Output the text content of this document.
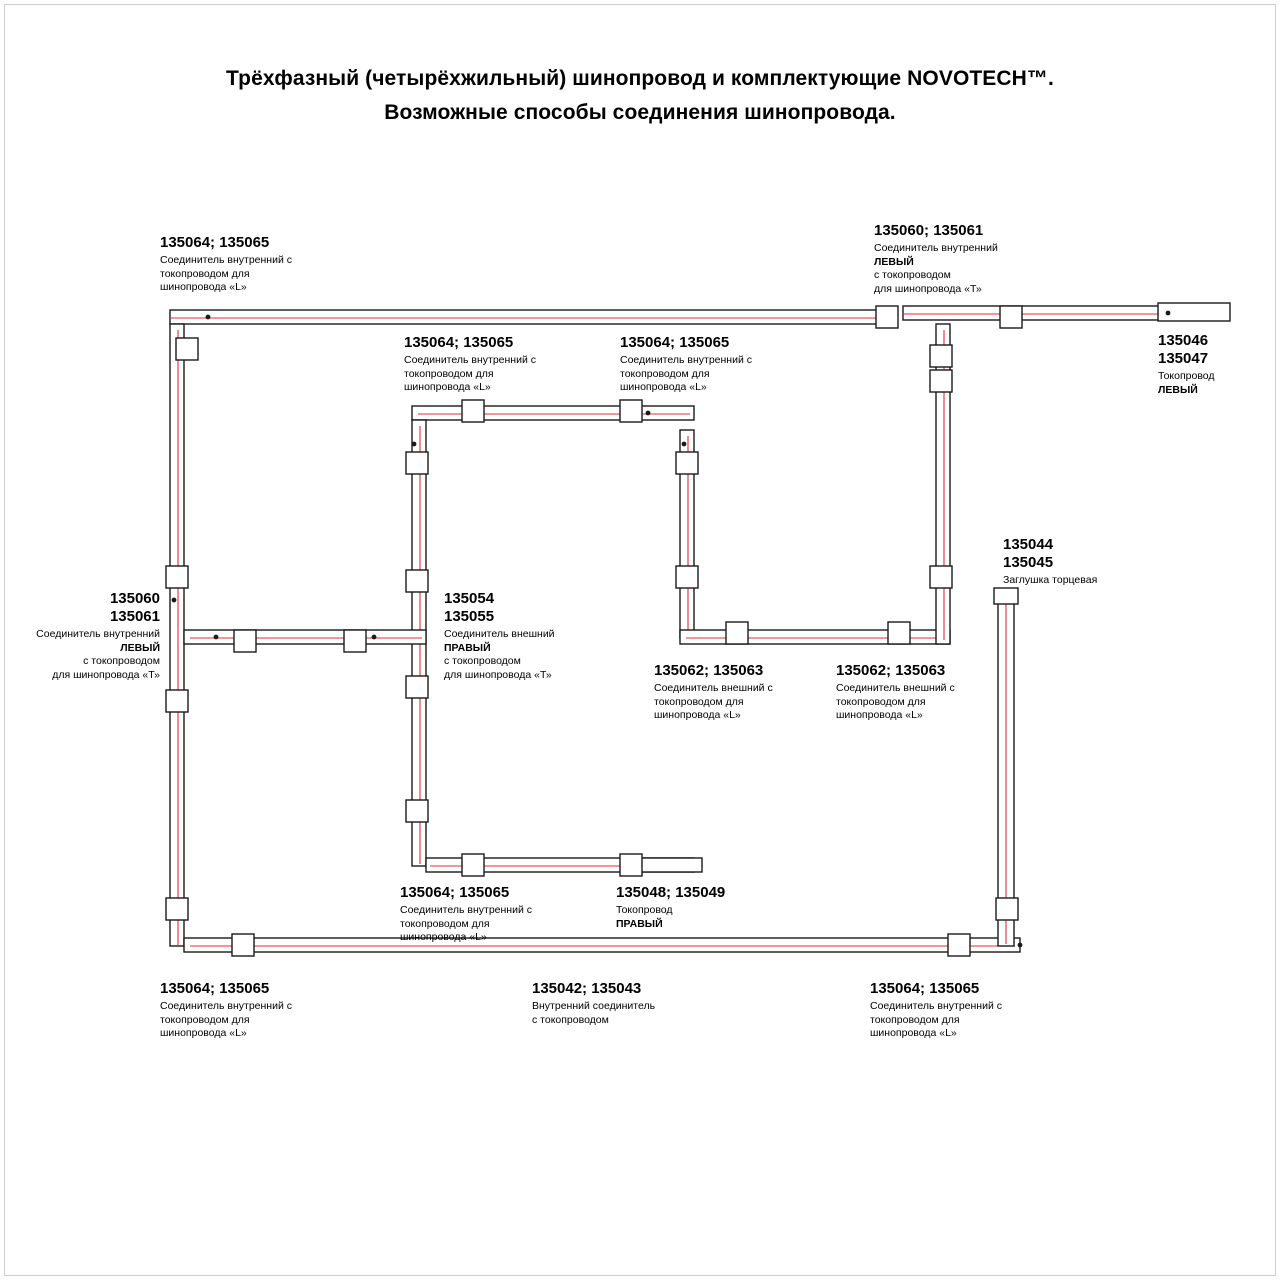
Трёхфазный (четырёхжильный) шинопровод и комплектующие NOVOTECH™.
Возможные способы соединения шинопровода.
135064; 135065
Соединитель внутренний с
токопроводом для
шинопровода «L»
135060; 135061
Соединитель внутренний
ЛЕВЫЙ
с токопроводом
для шинопровода «Т»
135046
135047
Токопровод
ЛЕВЫЙ
135064; 135065
Соединитель внутренний с
токопроводом для
шинопровода «L»
135064; 135065
Соединитель внутренний с
токопроводом для
шинопровода «L»
135044
135045
Заглушка торцевая
135060
135061
Соединитель внутренний
ЛЕВЫЙ
с токопроводом
для шинопровода «Т»
135054
135055
Соединитель внешний
ПРАВЫЙ
с токопроводом
для шинопровода «Т»	135062; 135063
Соединитель внешний с
токопроводом для
шинопровода «L»
135062; 135063
Соединитель внешний с
токопроводом для
шинопровода «L»
135064; 135065
Соединитель внутренний с
токопроводом для
шинопровода «L»
135048; 135049
Токопровод
ПРАВЫЙ
135064; 135065
Соединитель внутренний с
токопроводом для
шинопровода «L»
135042; 135043
Внутренний соединитель
с токопроводом
135064; 135065
Соединитель внутренний с
токопроводом для
шинопровода «L»
